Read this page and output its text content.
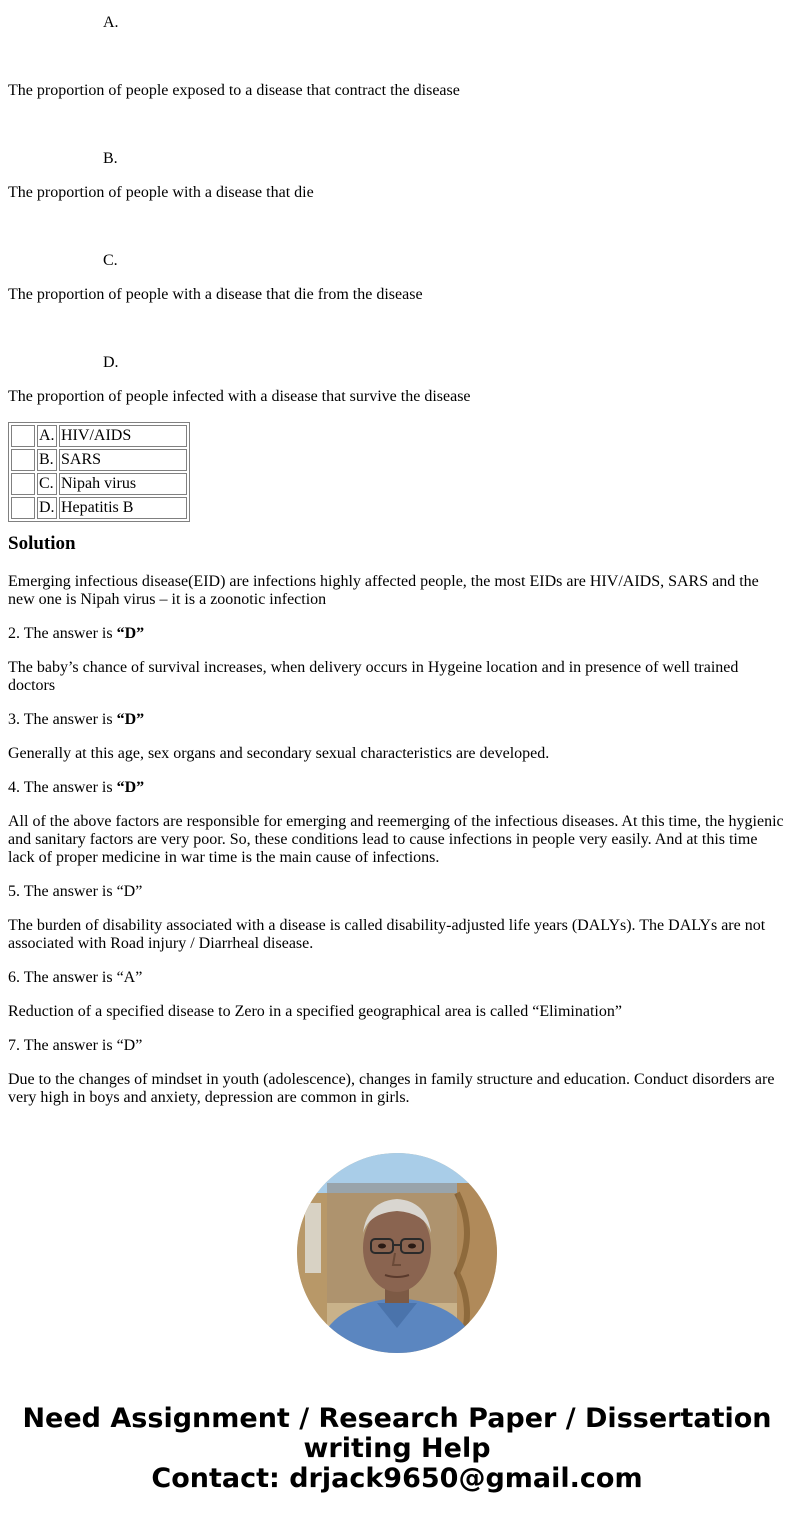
A.
The proportion of people exposed to a disease that contract the disease
B.
The proportion of people with a disease that die
C.
The proportion of people with a disease that die from the disease
D.
The proportion of people infected with a disease that survive the disease
	A.	HIV/AIDS
	B.	SARS
	C.	Nipah virus
	D.	Hepatitis B
Solution
Emerging infectious disease(EID) are infections highly affected people, the most EIDs are HIV/AIDS, SARS and the new one is Nipah virus – it is a zoonotic infection
2. The answer is “D”
The baby’s chance of survival increases, when delivery occurs in Hygeine location and in presence of well trained doctors
3. The answer is “D”
Generally at this age, sex organs and secondary sexual characteristics are developed.
4. The answer is “D”
All of the above factors are responsible for emerging and reemerging of the infectious diseases. At this time, the hygienic and sanitary factors are very poor. So, these conditions lead to cause infections in people very easily. And at this time lack of proper medicine in war time is the main cause of infections.
5. The answer is “D”
The burden of disability associated with a disease is called disability-adjusted life years (DALYs). The DALYs are not associated with Road injury / Diarrheal disease.
6. The answer is “A”
Reduction of a specified disease to Zero in a specified geographical area is called “Elimination”
7. The answer is “D”
Due to the changes of mindset in youth (adolescence), changes in family structure and education. Conduct disorders are very high in boys and anxiety, depression are common in girls.
Need Assignment / Research Paper / Dissertation
writing Help
Contact: drjack9650@gmail.com
